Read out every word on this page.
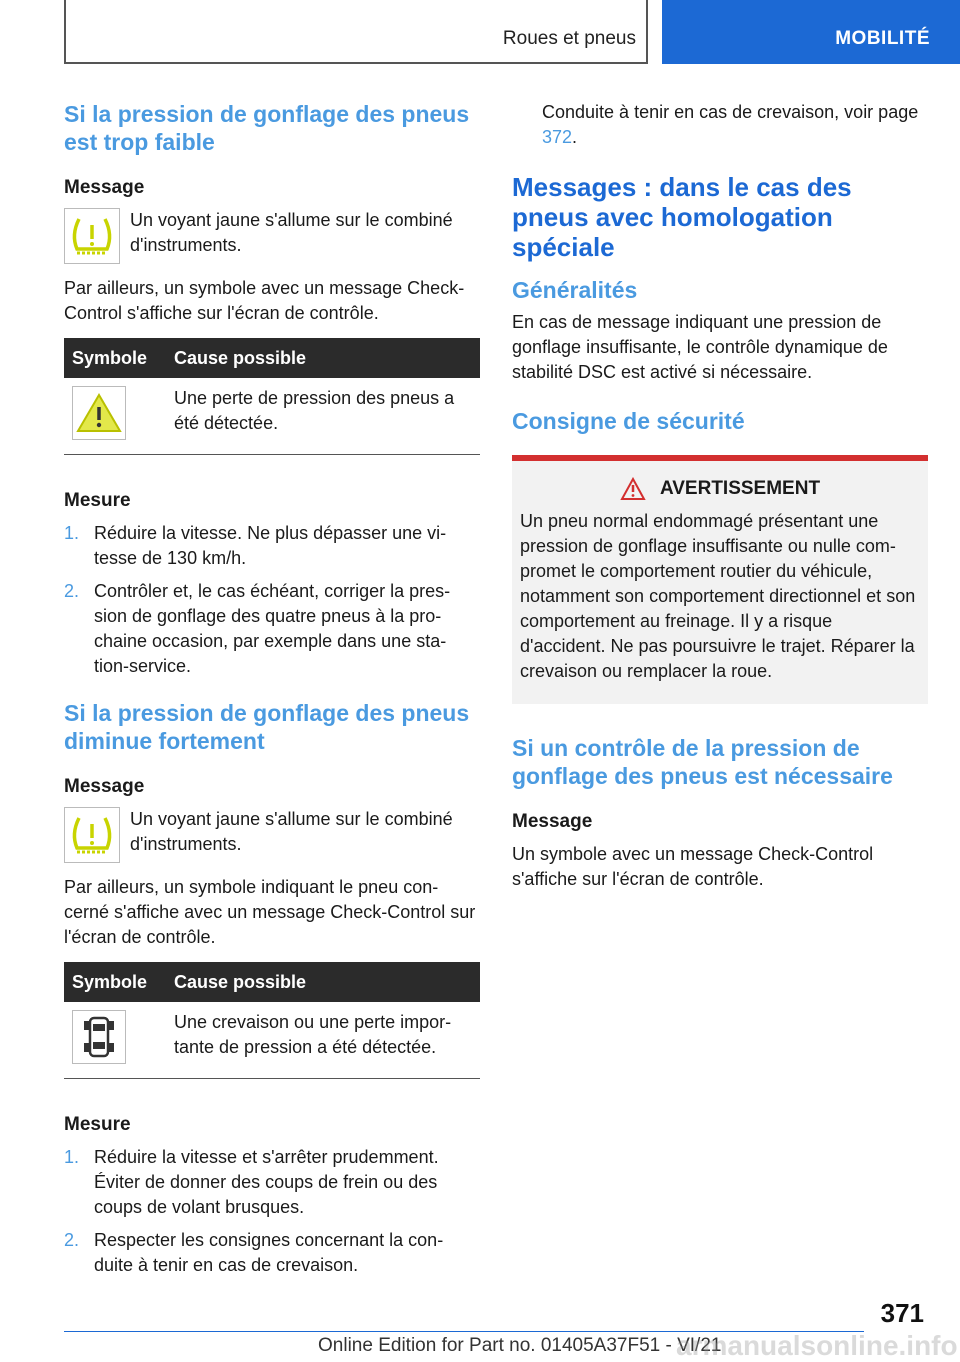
Roues et pneus	MOBILITÉ
Si la pression de gonflage des pneus est trop faible
Message
Un voyant jaune s'allume sur le combiné d'instruments.
Par ailleurs, un symbole avec un message Check-Control s'affiche sur l'écran de contrôle.
Symbole	Cause possible

	Une perte de pression des pneus a été détectée.
Mesure
1. Réduire la vitesse. Ne plus dépasser une vi-tesse de 130 km/h.
2. Contrôler et, le cas échéant, corriger la pres-sion de gonflage des quatre pneus à la pro-chaine occasion, par exemple dans une sta-tion-service.
Si la pression de gonflage des pneus diminue fortement
Message
Un voyant jaune s'allume sur le combiné d'instruments.
Par ailleurs, un symbole indiquant le pneu con-cerné s'affiche avec un message Check-Control sur l'écran de contrôle.
Symbole	Cause possible

	Une crevaison ou une perte impor-tante de pression a été détectée.
Mesure
1. Réduire la vitesse et s'arrêter prudemment. Éviter de donner des coups de frein ou des coups de volant brusques.
2. Respecter les consignes concernant la con-duite à tenir en cas de crevaison.
Conduite à tenir en cas de crevaison, voir page 372.
Messages : dans le cas des pneus avec homologation spéciale
Généralités
En cas de message indiquant une pression de gonflage insuffisante, le contrôle dynamique de stabilité DSC est activé si nécessaire.
Consigne de sécurité
AVERTISSEMENT
Un pneu normal endommagé présentant une pression de gonflage insuffisante ou nulle com-promet le comportement routier du véhicule, notamment son comportement directionnel et son comportement au freinage. Il y a risque d'accident. Ne pas poursuivre le trajet. Réparer la crevaison ou remplacer la roue.
Si un contrôle de la pression de gonflage des pneus est nécessaire
Message
Un symbole avec un message Check-Control s'affiche sur l'écran de contrôle.
371
Online Edition for Part no. 01405A37F51 - VI/21
armanualsonline.info
